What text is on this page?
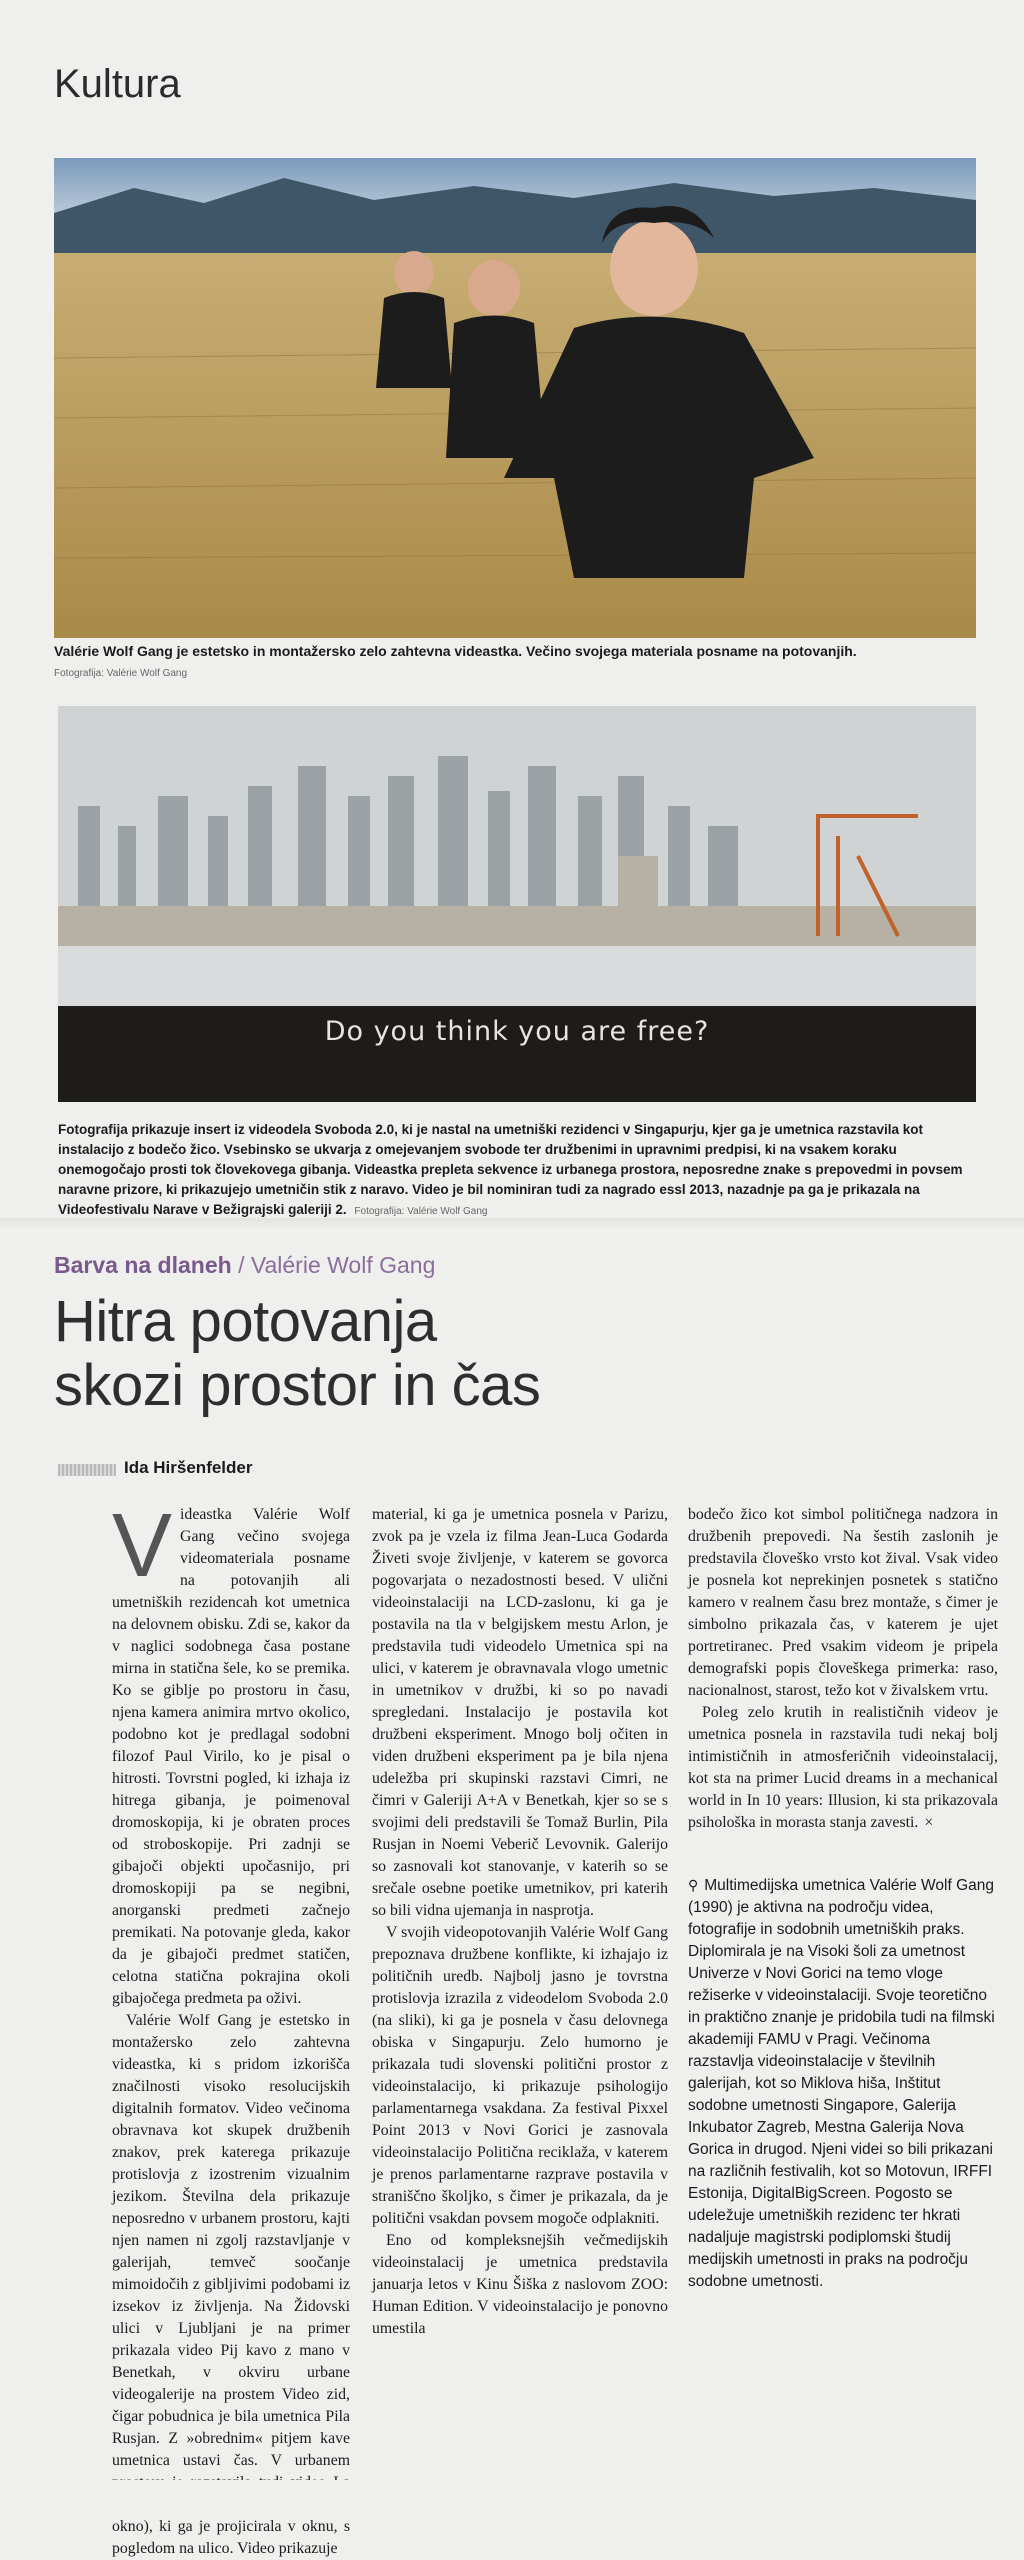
Kultura
Valérie Wolf Gang je estetsko in montažersko zelo zahtevna videastka. Večino svojega materiala posname na potovanjih.
Fotografija: Valérie Wolf Gang
Do you think you are free?
Fotografija prikazuje insert iz videodela Svoboda 2.0, ki je nastal na umetniški rezidenci v Singapurju, kjer ga je umetnica razstavila kot instalacijo z bodečo žico. Vsebinsko se ukvarja z omejevanjem svobode ter družbenimi in upravnimi predpisi, ki na vsakem koraku onemogočajo prosti tok človekovega gibanja. Videastka prepleta sekvence iz urbanega prostora, neposredne znake s prepovedmi in povsem naravne prizore, ki prikazujejo umetničin stik z naravo. Video je bil nominiran tudi za nagrado essl 2013, nazadnje pa ga je prikazala na Videofestivalu Narave v Bežigrajski galeriji 2. Fotografija: Valérie Wolf Gang
Barva na dlaneh / Valérie Wolf Gang
Hitra potovanja
skozi prostor in čas
Ida Hiršenfelder
V ideastka Valérie Wolf Gang večino svojega videomateriala posname na potovanjih ali umetniških rezidencah kot umetnica na delovnem obisku. Zdi se, kakor da v naglici sodobnega časa postane mirna in statična šele, ko se premika. Ko se giblje po prostoru in času, njena kamera animira mrtvo okolico, podobno kot je predlagal sodobni filozof Paul Virilo, ko je pisal o hitrosti. Tovrstni pogled, ki izhaja iz hitrega gibanja, je poimenoval dromoskopija, ki je obraten proces od stroboskopije. Pri zadnji se gibajoči objekti upočasnijo, pri dromoskopiji pa se negibni, anorganski predmeti začnejo premikati. Na potovanje gleda, kakor da je gibajoči predmet statičen, celotna statična pokrajina okoli gibajočega predmeta pa oživi.

Valérie Wolf Gang je estetsko in montažersko zelo zahtevna videastka, ki s pridom izkorišča značilnosti visoko resolucijskih digitalnih formatov. Video večinoma obravnava kot skupek družbenih znakov, prek katerega prikazuje protislovja z izostrenim vizualnim jezikom. Številna dela prikazuje neposredno v urbanem prostoru, kajti njen namen ni zgolj razstavljanje v galerijah, temveč soočanje mimoidočih z gibljivimi podobami iz izsekov iz življenja. Na Židovski ulici v Ljubljani je na primer prikazala video Pij kavo z mano v Benetkah, v okviru urbane videogalerije na prostem Video zid, čigar pobudnica je bila umetnica Pila Rusjan. Z »obrednim« pitjem kave umetnica ustavi čas. V urbanem okno), ki ga je projicirala v oknu, s pogledom na ulico. Video prikazuje

material, ki ga je umetnica posnela v Parizu, zvok pa je vzela iz filma Jean-Luca Godarda Živeti svoje življenje, v katerem se govorca pogovarjata o nezadostnosti besed. V ulični videoinstalaciji na LCD-zaslonu, ki ga je postavila na tla v belgijskem mestu Arlon, je predstavila tudi videodelo Umetnica spi na ulici, v katerem je obravnavala vlogo umetnic in umetnikov v družbi, ki so po navadi spregledani. Instalacijo je postavila kot družbeni eksperiment. Mnogo bolj očiten in viden družbeni eksperiment pa je bila njena udeležba pri skupinski razstavi Cimri, ne čimri v Galeriji A+A v Benetkah, kjer so se s svojimi deli predstavili še Tomaž Burlin, Pila Rusjan in Noemi Veberič Levovnik. Galerijo so zasnovali kot stanovanje, v katerih so se srečale osebne poetike umetnikov, pri katerih so bili vidna ujemanja in nasprotja.

V svojih videopotovanjih Valérie Wolf Gang prepoznava družbene konflikte, ki izhajajo iz političnih uredb. Najbolj jasno je tovrstna protislovja izrazila z videodelom Svoboda 2.0 (na sliki), ki ga je posnela v času delovnega obiska v Singapurju. Zelo humorno je prikazala tudi slovenski politični prostor z videoinstalacijo, ki prikazuje psihologijo parlamentarnega vsakdana. Za festival Pixxel Point 2013 v Novi Gorici je zasnovala videoinstalacijo Politična reciklaža, v katerem je prenos parlamentarne razprave postavila v straniščno školjko, s čimer je prikazala, da je politični vsakdan povsem mogoče odplakniti.

Eno od kompleksnejših večmedijskih videoinstalacij je umetnica predstavila januarja letos v Kinu Šiška z naslovom ZOO: Human Edition. V videoinstalacijo je ponovno umestila

bodečo žico kot simbol političnega nadzora in družbenih prepovedi. Na šestih zaslonih je predstavila človeško vrsto kot žival. Vsak video je posnela kot neprekinjen posnetek s statično kamero v realnem času brez montaže, s čimer je simbolno prikazala čas, v katerem je ujet portretiranec. Pred vsakim videom je pripela demografski popis človeškega primerka: raso, nacionalnost, starost, težo kot v živalskem vrtu.

Poleg zelo krutih in realističnih videov je umetnica posnela in razstavila tudi nekaj bolj intimističnih in atmosferičnih videoinstalacij, kot sta na primer Lucid dreams in a mechanical world in In 10 years: Illusion, ki sta prikazovala psihološka in morasta stanja zavesti. ×

⚲ Multimedijska umetnica Valérie Wolf Gang (1990) je aktivna na področju videa, fotografije in sodobnih umetniških praks. Diplomirala je na Visoki šoli za umetnost Univerze v Novi Gorici na temo vloge režiserke v videoinstalaciji. Svoje teoretično in praktično znanje je pridobila tudi na filmski akademiji FAMU v Pragi. Večinoma razstavlja videoinstalacije v številnih galerijah, kot so Miklova hiša, Inštitut sodobne umetnosti Singapore, Galerija Inkubator Zagreb, Mestna Galerija Nova Gorica in drugod. Njeni videi so bili prikazani na različnih festivalih, kot so Motovun, IRFFI Estonija, DigitalBigScreen. Pogosto se udeležuje umetniških rezidenc ter hkrati nadaljuje magistrski podiplomski študij medijskih umetnosti in praks na področju sodobne umetnosti.
